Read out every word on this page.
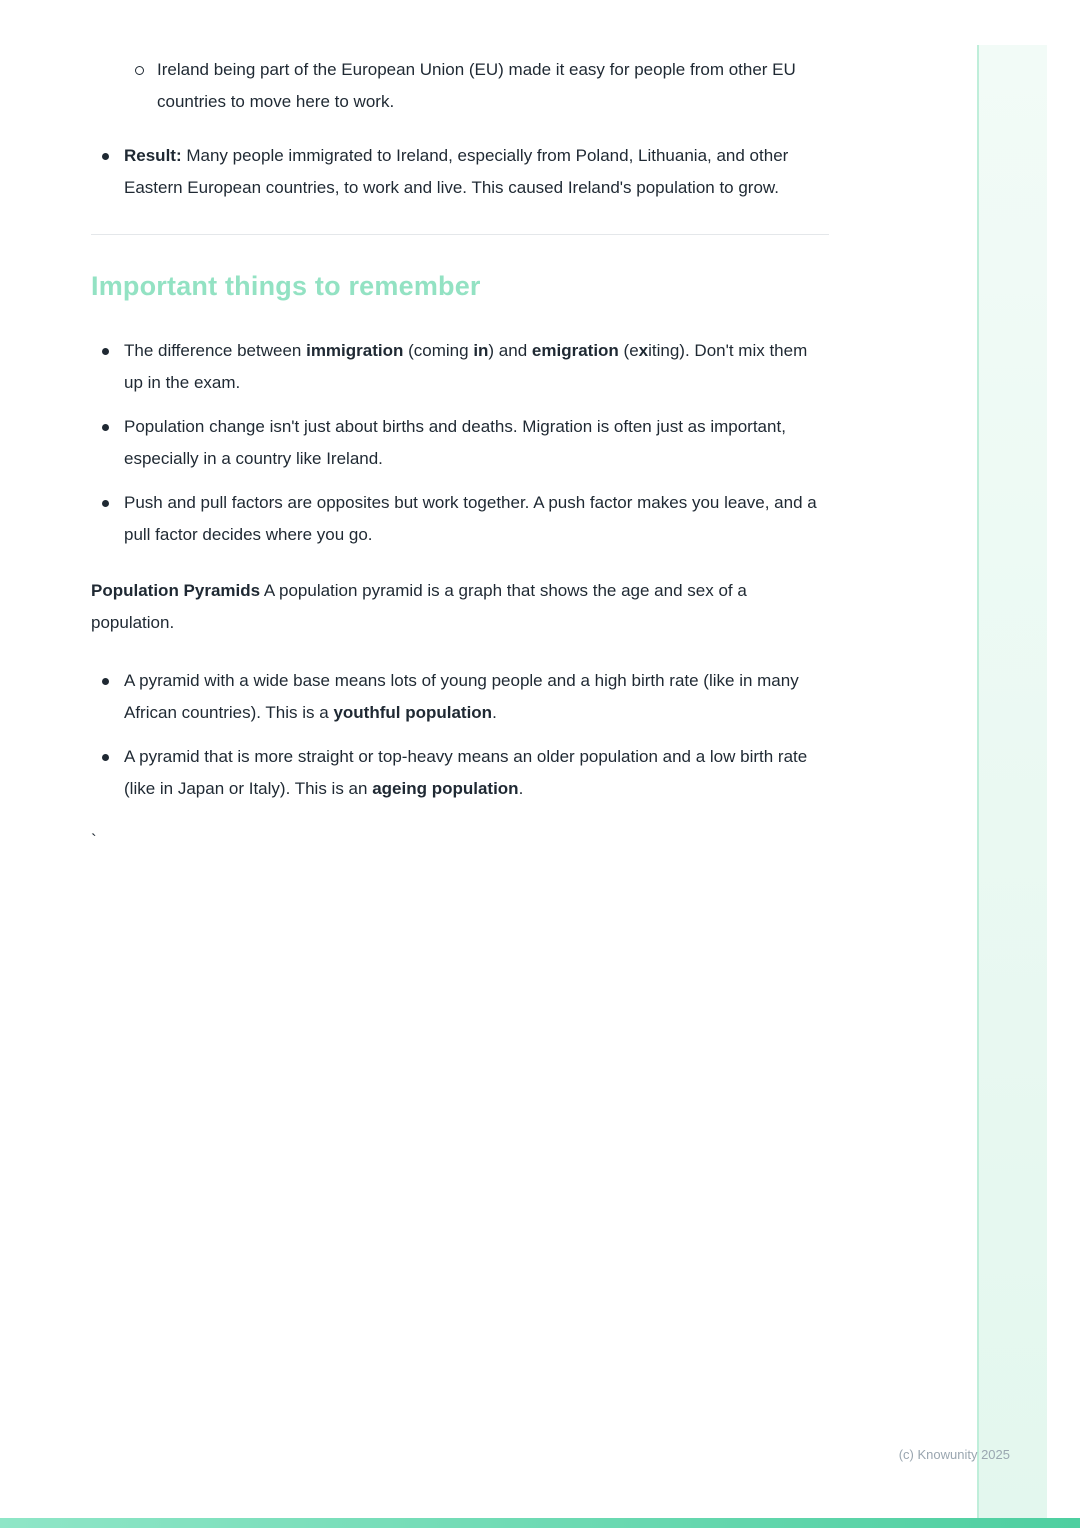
Ireland being part of the European Union (EU) made it easy for people from other EU countries to move here to work.
Result: Many people immigrated to Ireland, especially from Poland, Lithuania, and other Eastern European countries, to work and live. This caused Ireland's population to grow.
Important things to remember
The difference between immigration (coming in) and emigration (exiting). Don't mix them up in the exam.
Population change isn't just about births and deaths. Migration is often just as important, especially in a country like Ireland.
Push and pull factors are opposites but work together. A push factor makes you leave, and a pull factor decides where you go.

Population Pyramids A population pyramid is a graph that shows the age and sex of a population.

A pyramid with a wide base means lots of young people and a high birth rate (like in many African countries). This is a youthful population.
A pyramid that is more straight or top-heavy means an older population and a low birth rate (like in Japan or Italy). This is an ageing population.
`
(c) Knowunity 2025
